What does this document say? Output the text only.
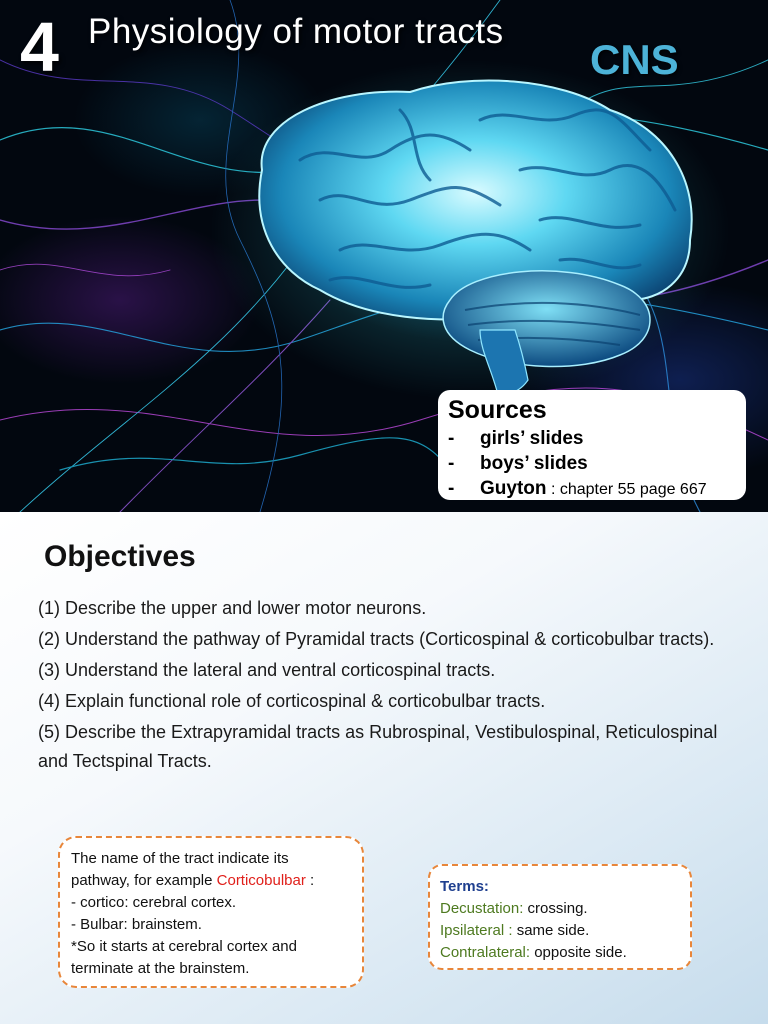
4 Physiology of motor tracts
CNS
Sources
- girls’ slides
- boys’ slides
- Guyton : chapter 55 page 667
Objectives
(1) Describe the upper and lower motor neurons.
(2) Understand the pathway of Pyramidal tracts (Corticospinal & corticobulbar tracts).
(3) Understand the lateral and ventral corticospinal tracts.
(4) Explain functional role of corticospinal & corticobulbar tracts.
(5) Describe the Extrapyramidal tracts as Rubrospinal, Vestibulospinal, Reticulospinal and Tectspinal Tracts.
The name of the tract indicate its
pathway, for example Corticobulbar :
- cortico: cerebral cortex.
- Bulbar: brainstem.
*So it starts at cerebral cortex and
terminate at the brainstem.
Terms:
Decustation: crossing.
Ipsilateral : same side.
Contralateral: opposite side.
